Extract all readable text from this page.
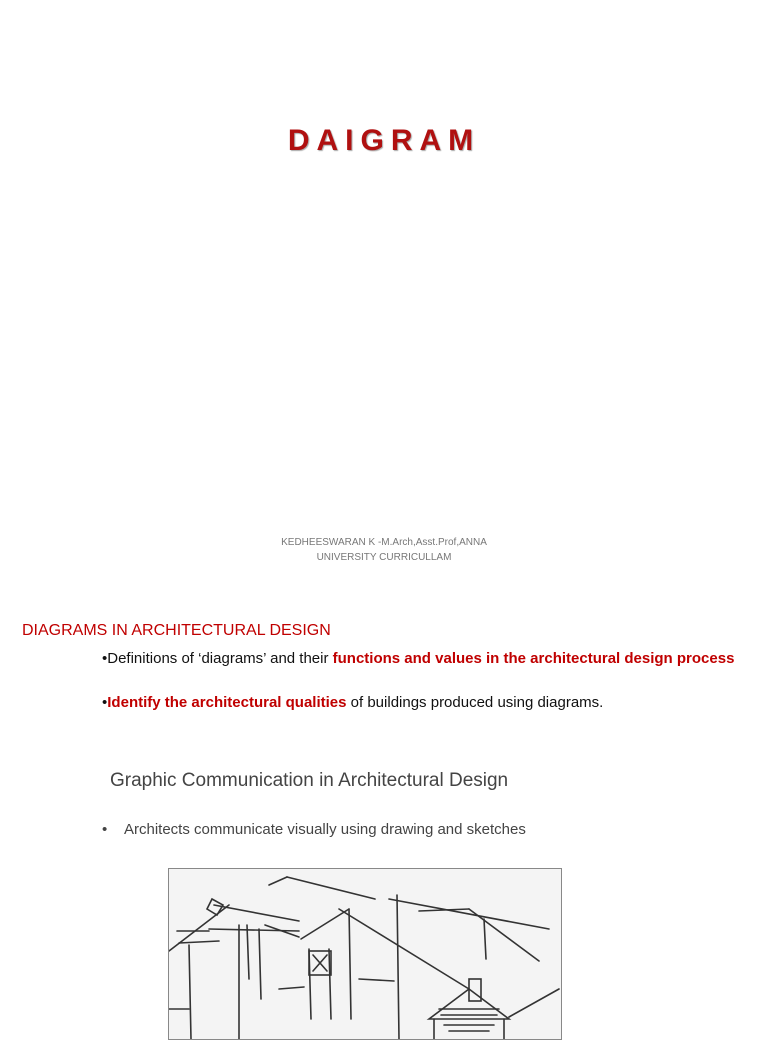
DAIGRAM
KEDHEESWARAN K -M.Arch,Asst.Prof,ANNA
UNIVERSITY CURRICULLAM
DIAGRAMS IN ARCHITECTURAL DESIGN
•Definitions of ‘diagrams’ and their functions and values in the architectural design process
•Identify the architectural qualities of buildings produced using diagrams.
Graphic Communication in Architectural Design
• Architects communicate visually using drawing and sketches
